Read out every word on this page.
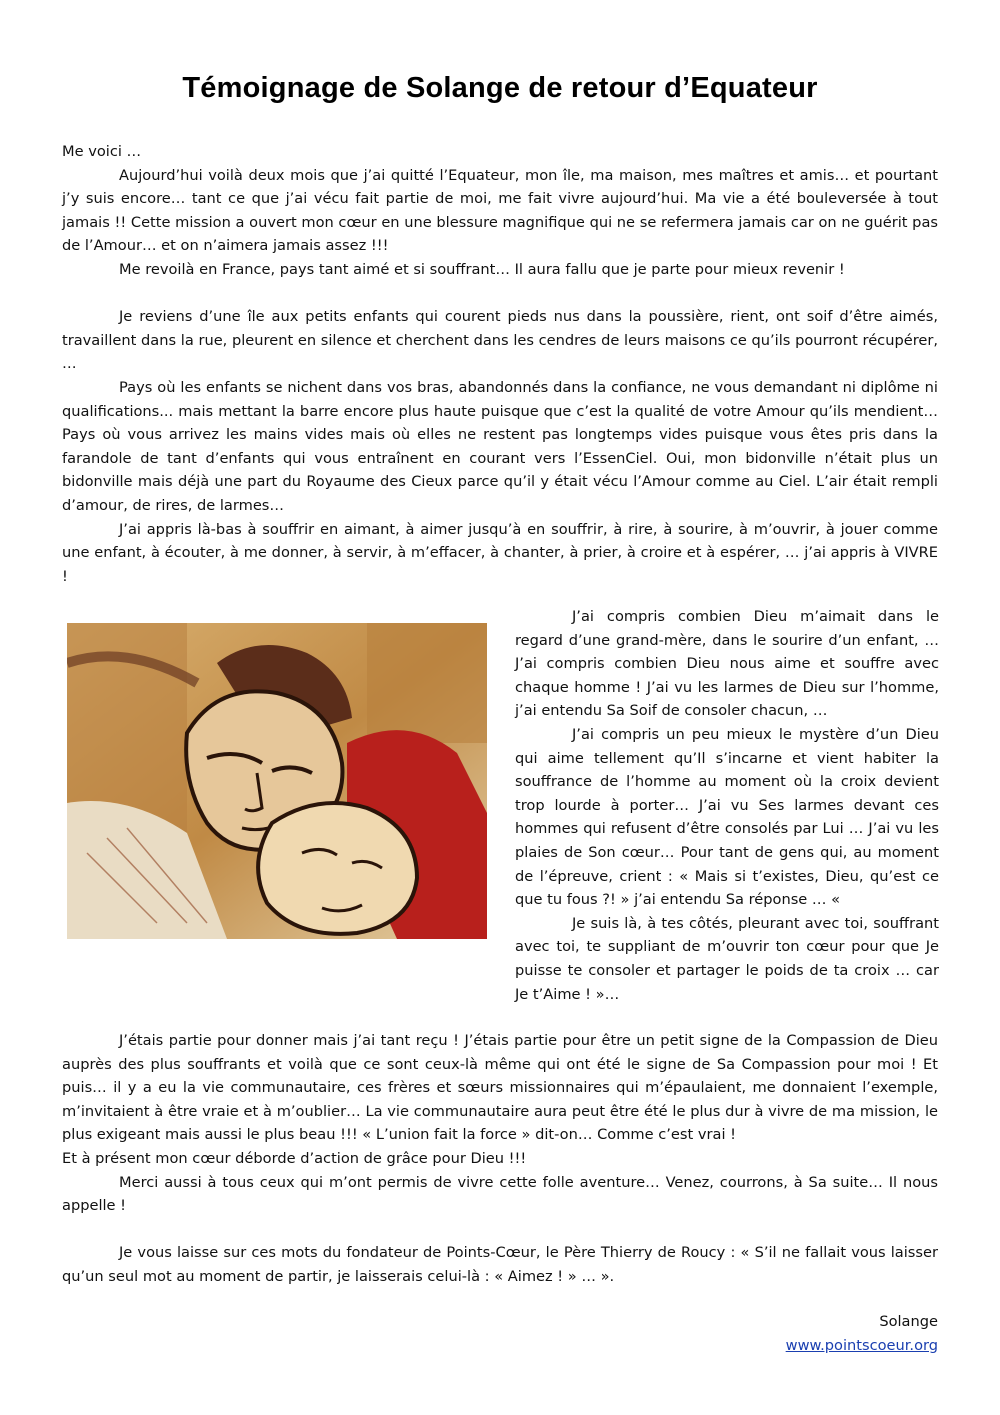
Témoignage de Solange de retour d’Equateur

Me voici …

Aujourd’hui voilà deux mois que j’ai quitté l’Equateur, mon île, ma maison, mes maîtres et amis… et pourtant j’y suis encore… tant ce que j’ai vécu fait partie de moi, me fait vivre aujourd’hui. Ma vie a été bouleversée à tout jamais !! Cette mission a ouvert mon cœur en une blessure magnifique qui ne se refermera jamais car on ne guérit pas de l’Amour… et on n’aimera jamais assez !!!

Me revoilà en France, pays tant aimé et si souffrant… Il aura fallu que je parte pour mieux revenir !

Je reviens d’une île aux petits enfants qui courent pieds nus dans la poussière, rient, ont soif d’être aimés, travaillent dans la rue, pleurent en silence et cherchent dans les cendres de leurs maisons ce qu’ils pourront récupérer, …

Pays où les enfants se nichent dans vos bras, abandonnés dans la confiance, ne vous demandant ni diplôme ni qualifications... mais mettant la barre encore plus haute puisque que c’est la qualité de votre Amour qu’ils mendient… Pays où vous arrivez les mains vides mais où elles ne restent pas longtemps vides puisque vous êtes pris dans la farandole de tant d’enfants qui vous entraînent en courant vers l’EssenCiel. Oui, mon bidonville n’était plus un bidonville mais déjà une part du Royaume des Cieux parce qu’il y était vécu l’Amour comme au Ciel. L’air était rempli d’amour, de rires, de larmes…

J’ai appris là-bas à souffrir en aimant, à aimer jusqu’à en souffrir, à rire, à sourire, à m’ouvrir, à jouer comme une enfant, à écouter, à me donner, à servir, à m’effacer, à chanter, à prier, à croire et à espérer, … j’ai appris à VIVRE !

J’ai compris combien Dieu m’aimait dans le regard d’une grand-mère, dans le sourire d’un enfant, … J’ai compris combien Dieu nous aime et souffre avec chaque homme ! J’ai vu les larmes de Dieu sur l’homme, j’ai entendu Sa Soif de consoler chacun, …

J’ai compris un peu mieux le mystère d’un Dieu qui aime tellement qu’Il s’incarne et vient habiter la souffrance de l’homme au moment où la croix devient trop lourde à porter… J’ai vu Ses larmes devant ces hommes qui refusent d’être consolés par Lui … J’ai vu les plaies de Son cœur… Pour tant de gens qui, au moment de l’épreuve, crient : « Mais si t’existes, Dieu, qu’est ce que tu fous ?! » j’ai entendu Sa réponse … «

Je suis là, à tes côtés, pleurant avec toi, souffrant avec toi, te suppliant de m’ouvrir ton cœur pour que Je puisse te consoler et partager le poids de ta croix … car Je t’Aime ! »…

J’étais partie pour donner mais j’ai tant reçu ! J’étais partie pour être un petit signe de la Compassion de Dieu auprès des plus souffrants et voilà que ce sont ceux-là même qui ont été le signe de Sa Compassion pour moi ! Et puis… il y a eu la vie communautaire, ces frères et sœurs missionnaires qui m’épaulaient, me donnaient l’exemple, m’invitaient à être vraie et à m’oublier… La vie communautaire aura peut être été le plus dur à vivre de ma mission, le plus exigeant mais aussi le plus beau !!! « L’union fait la force » dit-on… Comme c’est vrai !

Et à présent mon cœur déborde d’action de grâce pour Dieu !!!

Merci aussi à tous ceux qui m’ont permis de vivre cette folle aventure… Venez, courrons, à Sa suite… Il nous appelle !

Je vous laisse sur ces mots du fondateur de Points-Cœur, le Père Thierry de Roucy : « S’il ne fallait vous laisser qu’un seul mot au moment de partir, je laisserais celui-là : « Aimez ! » … ».

Solange
www.pointscoeur.org
